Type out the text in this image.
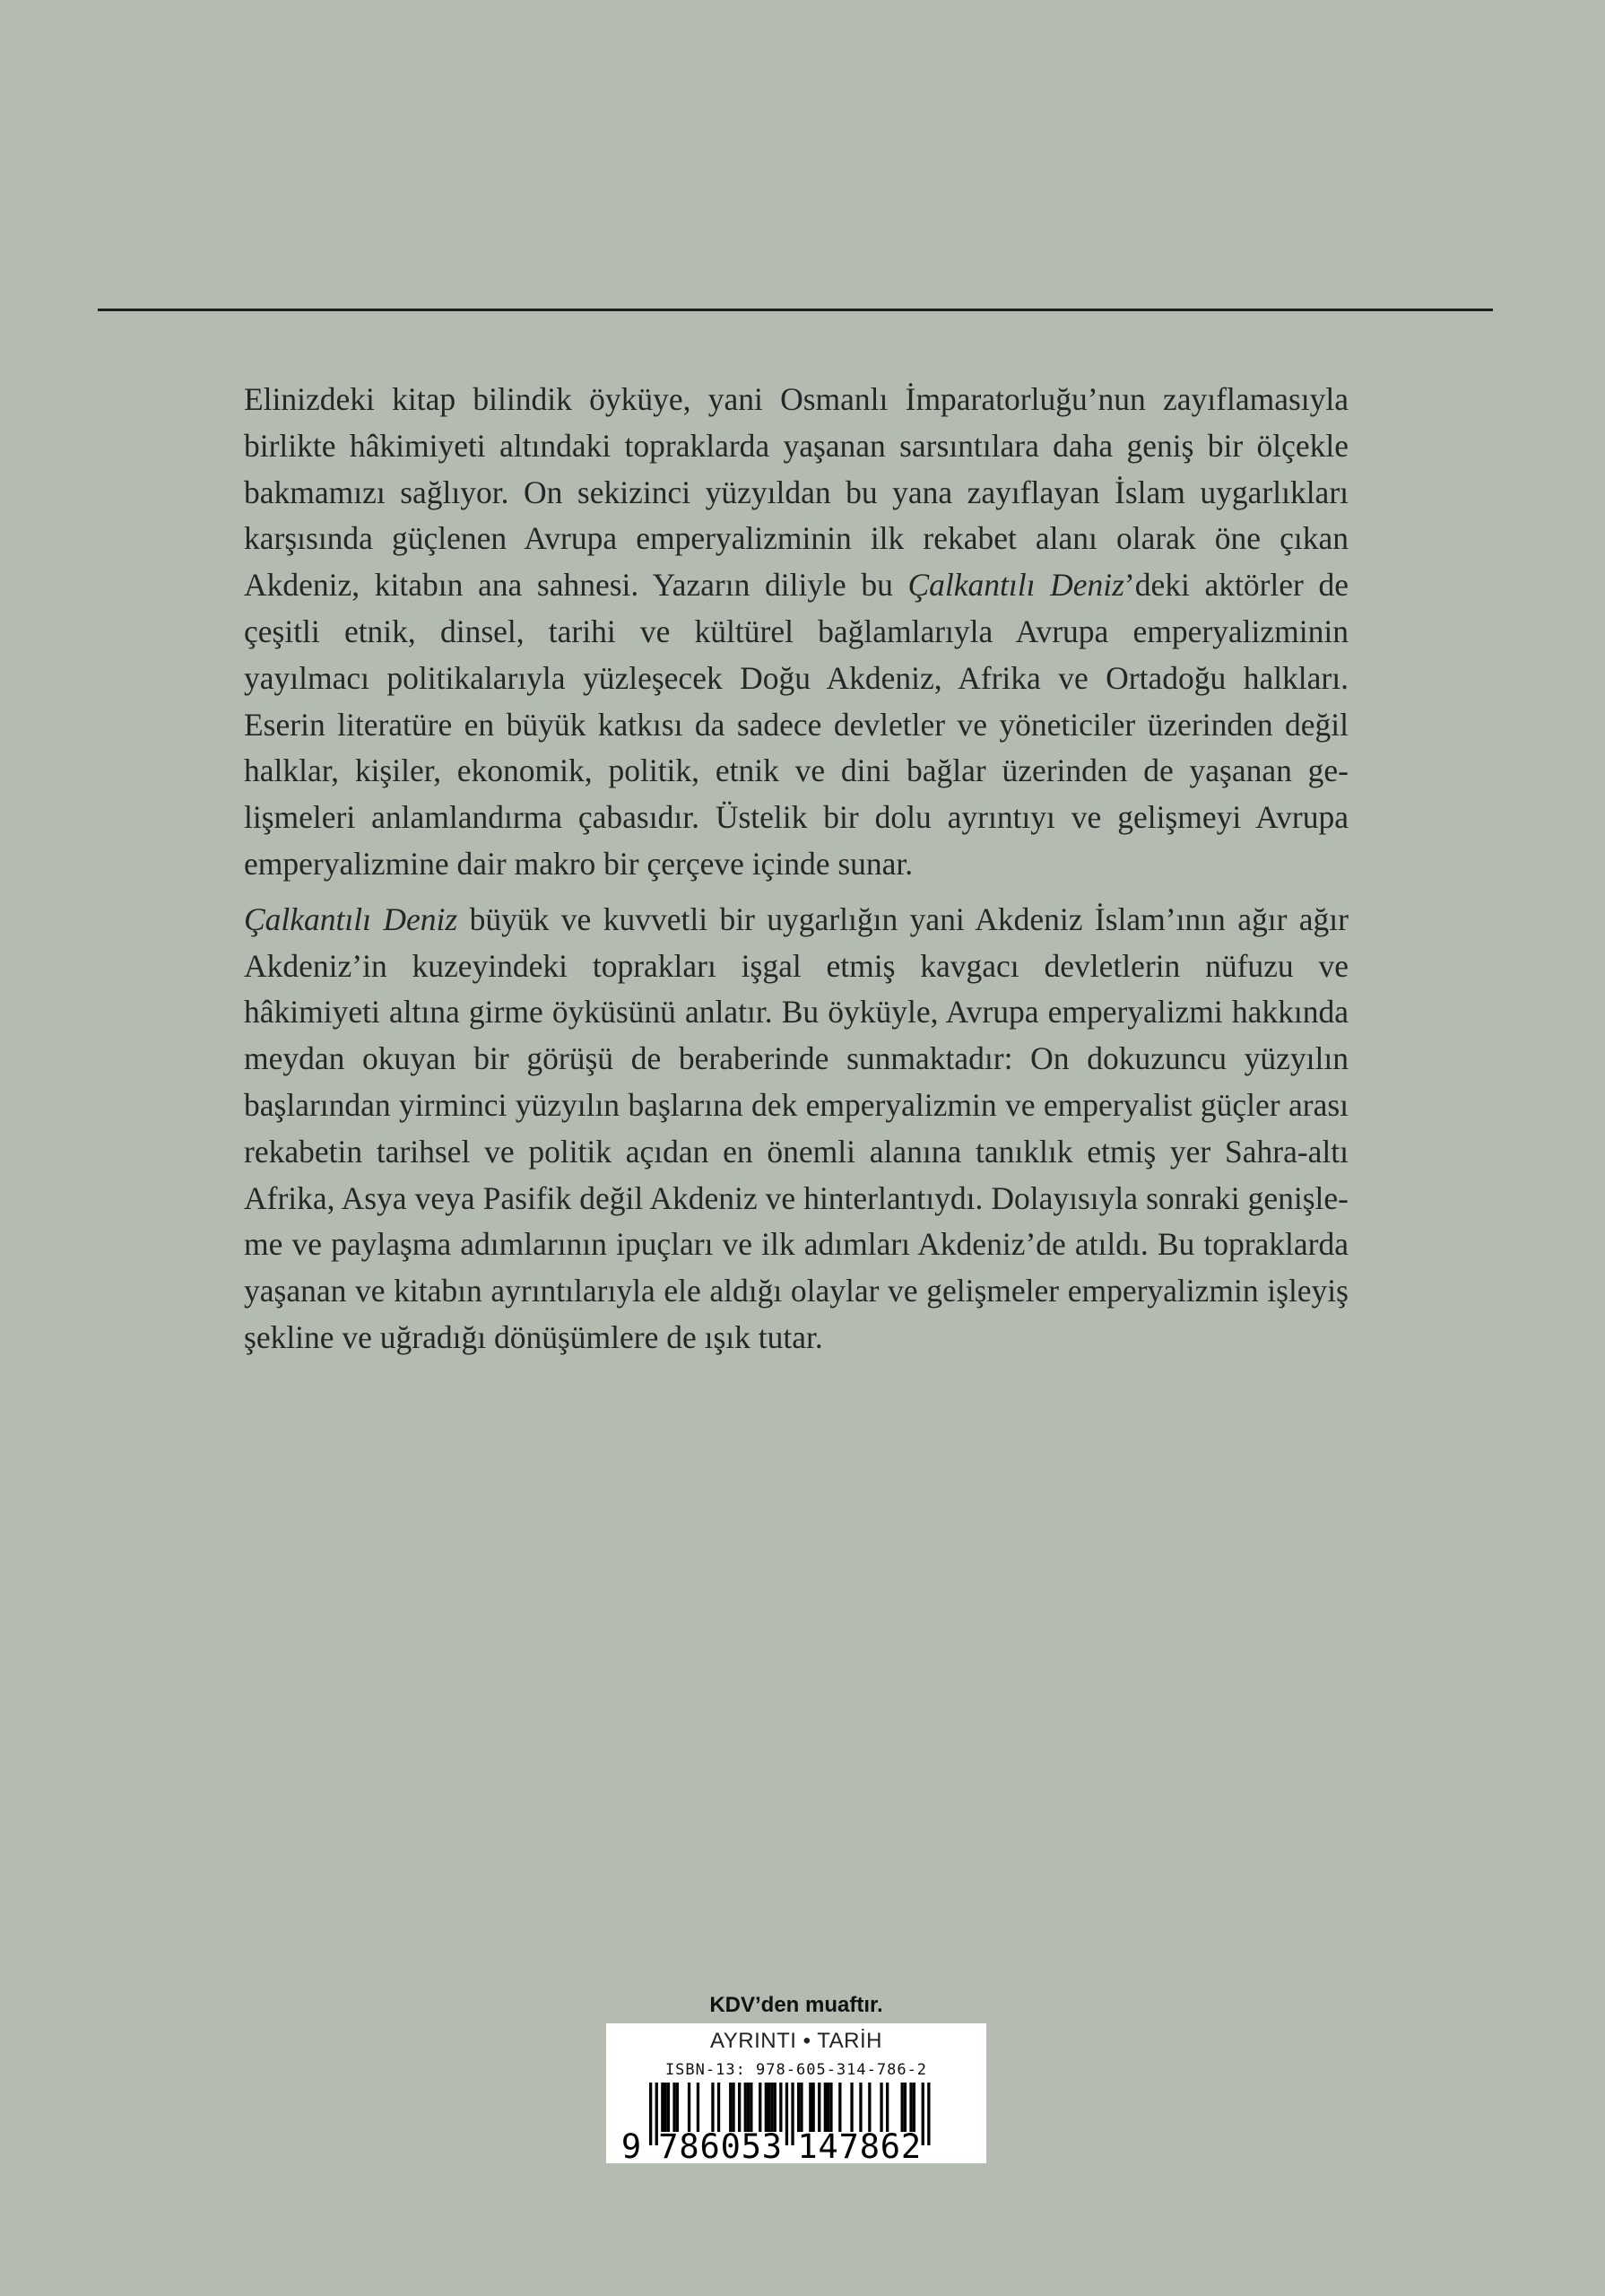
Elinizdeki kitap bilindik öyküye, yani Osmanlı İmparatorluğu’nun zayıflamasıyla birlikte hâkimiyeti altındaki topraklarda yaşanan sarsıntılara daha geniş bir ölçekle bakmamızı sağlıyor. On sekizinci yüzyıldan bu yana zayıflayan İslam uygarlıkları karşısında güçlenen Avrupa emperyalizminin ilk rekabet alanı olarak öne çıkan Akdeniz, kitabın ana sahnesi. Yazarın diliyle bu Çalkantılı Deniz’deki aktörler de çeşitli etnik, dinsel, tarihi ve kültürel bağlamlarıyla Avrupa emperyalizminin yayılmacı politikalarıyla yüzleşecek Doğu Akdeniz, Afrika ve Ortadoğu halkları. Eserin literatüre en büyük katkısı da sadece devletler ve yöneticiler üzerinden değil halklar, kişiler, ekonomik, politik, etnik ve dini bağlar üzerinden de yaşanan gelişmeleri anlamlandırma çabasıdır. Üstelik bir dolu ayrıntıyı ve gelişmeyi Avrupa emperyalizmine dair makro bir çerçeve içinde sunar.

Çalkantılı Deniz büyük ve kuvvetli bir uygarlığın yani Akdeniz İslam’ının ağır ağır Akdeniz’in kuzeyindeki toprakları işgal etmiş kavgacı devletlerin nüfuzu ve hâkimiyeti altına girme öyküsünü anlatır. Bu öyküyle, Avrupa emperyalizmi hakkında meydan okuyan bir görüşü de beraberinde sunmaktadır: On dokuzuncu yüzyılın başlarından yirminci yüzyılın başlarına dek emperyalizmin ve emperyalist güçler arası rekabetin tarihsel ve politik açıdan en önemli alanına tanıklık etmiş yer Sahra-altı Afrika, Asya veya Pasifik değil Akdeniz ve hinterlantıydı. Dolayısıyla sonraki genişleme ve paylaşma adımlarının ipuçları ve ilk adımları Akdeniz’de atıldı. Bu topraklarda yaşanan ve kitabın ayrıntılarıyla ele aldığı olaylar ve gelişmeler emperyalizmin işleyiş şekline ve uğradığı dönüşümlere de ışık tutar.

KDV’den muaftır.
AYRINTI • TARİH
ISBN-13: 978-605-314-786-2
9 7 8 6 0 5 3 1 4 7 8 6 2
